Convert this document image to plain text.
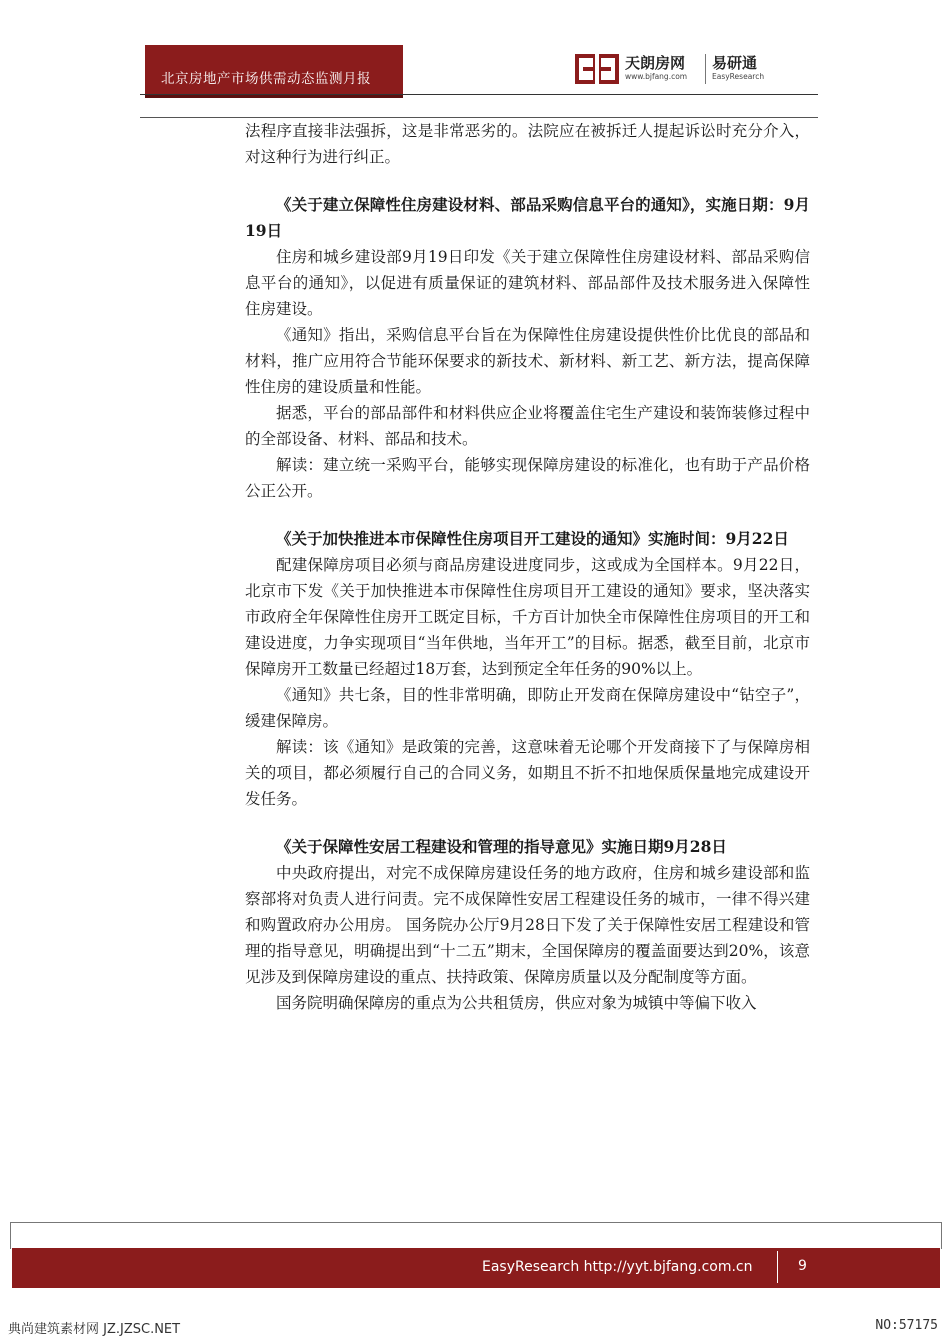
北京房地产市场供需动态监测月报
天朗房网
www.bjfang.com
易研通
EasyResearch

法程序直接非法强拆，这是非常恶劣的。法院应在被拆迁人提起诉讼时充分介入，对这种行为进行纠正。

《关于建立保障性住房建设材料、部品采购信息平台的通知》，实施日期：9月19日

住房和城乡建设部9月19日印发《关于建立保障性住房建设材料、部品采购信息平台的通知》，以促进有质量保证的建筑材料、部品部件及技术服务进入保障性住房建设。

《通知》指出，采购信息平台旨在为保障性住房建设提供性价比优良的部品和材料，推广应用符合节能环保要求的新技术、新材料、新工艺、新方法，提高保障性住房的建设质量和性能。

据悉，平台的部品部件和材料供应企业将覆盖住宅生产建设和装饰装修过程中的全部设备、材料、部品和技术。

解读：建立统一采购平台，能够实现保障房建设的标准化，也有助于产品价格公正公开。

《关于加快推进本市保障性住房项目开工建设的通知》实施时间：9月22日

配建保障房项目必须与商品房建设进度同步，这或成为全国样本。9月22日，北京市下发《关于加快推进本市保障性住房项目开工建设的通知》要求，坚决落实市政府全年保障性住房开工既定目标，千方百计加快全市保障性住房项目的开工和建设进度，力争实现项目“当年供地，当年开工”的目标。据悉，截至目前，北京市保障房开工数量已经超过18万套，达到预定全年任务的90%以上。

《通知》共七条，目的性非常明确，即防止开发商在保障房建设中“钻空子”，缓建保障房。

解读：该《通知》是政策的完善，这意味着无论哪个开发商接下了与保障房相关的项目，都必须履行自己的合同义务，如期且不折不扣地保质保量地完成建设开发任务。

《关于保障性安居工程建设和管理的指导意见》实施日期9月28日

中央政府提出，对完不成保障房建设任务的地方政府，住房和城乡建设部和监察部将对负责人进行问责。完不成保障性安居工程建设任务的城市，一律不得兴建和购置政府办公用房。 国务院办公厅9月28日下发了关于保障性安居工程建设和管理的指导意见，明确提出到“十二五”期末，全国保障房的覆盖面要达到20%，该意见涉及到保障房建设的重点、扶持政策、保障房质量以及分配制度等方面。

国务院明确保障房的重点为公共租赁房，供应对象为城镇中等偏下收入

EasyResearch http://yyt.bjfang.com.cn	9
典尚建筑素材网 JZ.JZSC.NET	NO:57175
